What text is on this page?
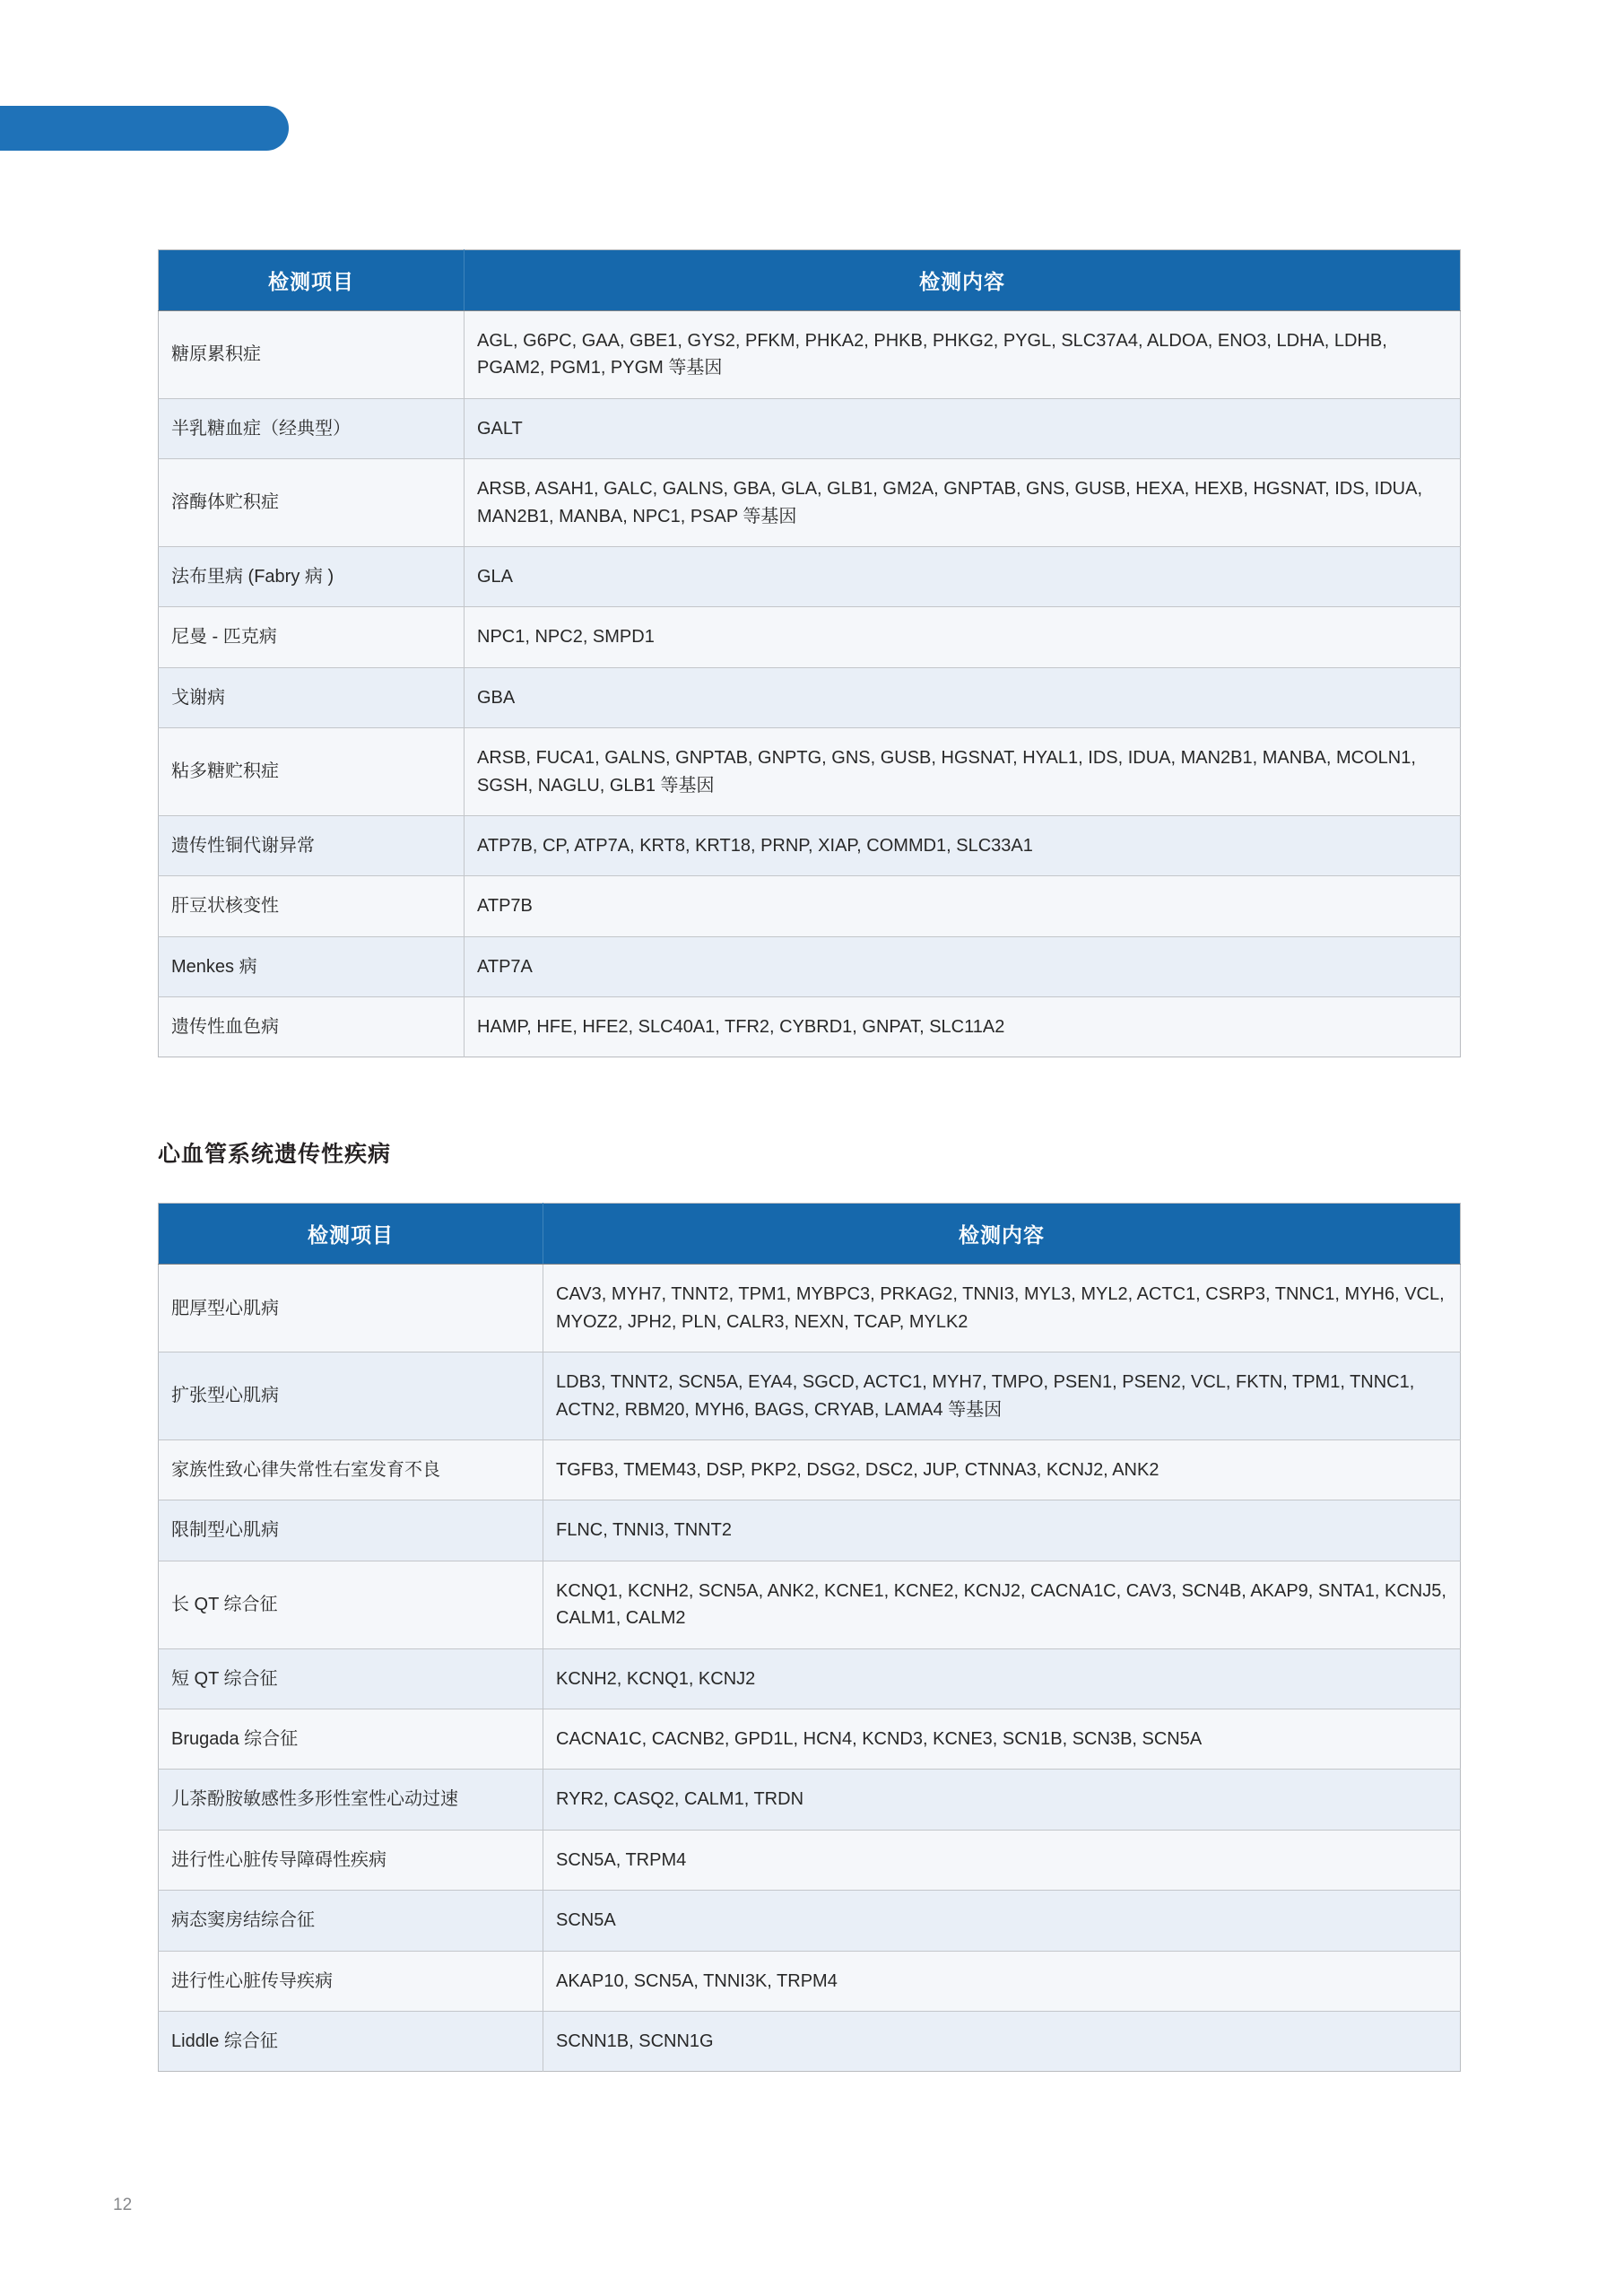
检测项目	检测内容
糖原累积症	AGL, G6PC, GAA, GBE1, GYS2, PFKM, PHKA2, PHKB, PHKG2, PYGL, SLC37A4, ALDOA, ENO3, LDHA, LDHB, PGAM2, PGM1, PYGM 等基因
半乳糖血症（经典型）	GALT
溶酶体贮积症	ARSB, ASAH1, GALC, GALNS, GBA, GLA, GLB1, GM2A, GNPTAB, GNS, GUSB, HEXA, HEXB, HGSNAT, IDS, IDUA, MAN2B1, MANBA, NPC1, PSAP 等基因
法布里病 (Fabry 病 )	GLA
尼曼 - 匹克病	NPC1, NPC2, SMPD1
戈谢病	GBA
粘多糖贮积症	ARSB, FUCA1, GALNS, GNPTAB, GNPTG, GNS, GUSB, HGSNAT, HYAL1, IDS, IDUA, MAN2B1, MANBA, MCOLN1, SGSH, NAGLU, GLB1 等基因
遗传性铜代谢异常	ATP7B, CP, ATP7A, KRT8, KRT18, PRNP, XIAP, COMMD1, SLC33A1
肝豆状核变性	ATP7B
Menkes 病	ATP7A
遗传性血色病	HAMP, HFE, HFE2, SLC40A1, TFR2, CYBRD1, GNPAT, SLC11A2
心血管系统遗传性疾病
检测项目	检测内容
肥厚型心肌病	CAV3, MYH7, TNNT2, TPM1, MYBPC3, PRKAG2, TNNI3, MYL3, MYL2, ACTC1, CSRP3, TNNC1, MYH6, VCL, MYOZ2, JPH2, PLN, CALR3, NEXN, TCAP, MYLK2
扩张型心肌病	LDB3, TNNT2, SCN5A, EYA4, SGCD, ACTC1, MYH7, TMPO, PSEN1, PSEN2, VCL, FKTN, TPM1, TNNC1, ACTN2, RBM20, MYH6, BAGS, CRYAB, LAMA4 等基因
家族性致心律失常性右室发育不良	TGFB3, TMEM43, DSP, PKP2, DSG2, DSC2, JUP, CTNNA3, KCNJ2, ANK2
限制型心肌病	FLNC, TNNI3, TNNT2
长 QT 综合征	KCNQ1, KCNH2, SCN5A, ANK2, KCNE1, KCNE2, KCNJ2, CACNA1C, CAV3, SCN4B, AKAP9, SNTA1, KCNJ5, CALM1, CALM2
短 QT 综合征	KCNH2, KCNQ1, KCNJ2
Brugada 综合征	CACNA1C, CACNB2, GPD1L, HCN4, KCND3, KCNE3, SCN1B, SCN3B, SCN5A
儿茶酚胺敏感性多形性室性心动过速	RYR2, CASQ2, CALM1, TRDN
进行性心脏传导障碍性疾病	SCN5A, TRPM4
病态窦房结综合征	SCN5A
进行性心脏传导疾病	AKAP10, SCN5A, TNNI3K, TRPM4
Liddle 综合征	SCNN1B, SCNN1G
12
